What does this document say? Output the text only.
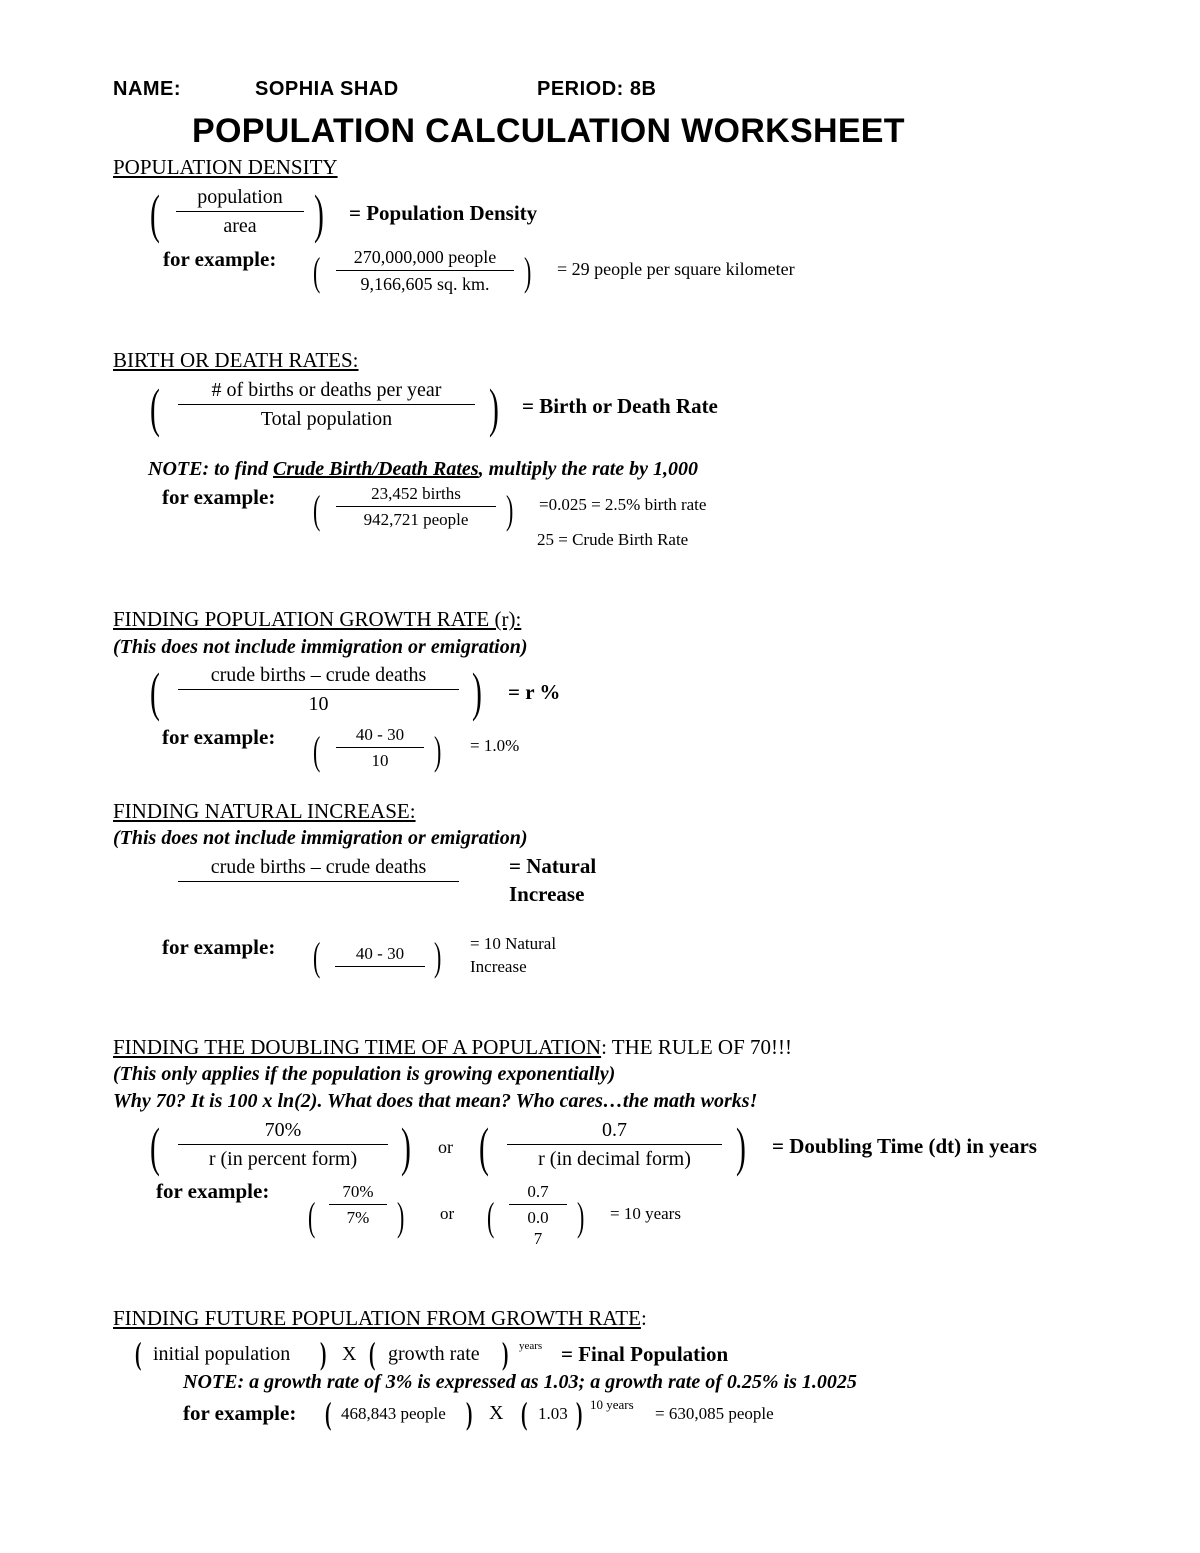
NAME:	SOPHIA SHAD	PERIOD: 8B
POPULATION CALCULATION WORKSHEET
POPULATION DENSITY
(	population
area	) = Population Density
for example: (	270,000,000 people
9,166,605 sq. km. ) = 29 people per square kilometer
BIRTH OR DEATH RATES:
(	# of births or deaths per year
Total population	) = Birth or Death Rate
NOTE: to find Crude Birth/Death Rates, multiply the rate by 1,000
for example: (	23,452 births
942,721 people ) =0.025 = 2.5% birth rate
25 = Crude Birth Rate
FINDING POPULATION GROWTH RATE (r):
(This does not include immigration or emigration)
(	crude births – crude deaths
10	) = r %
for example: ( $\frac{40 - 30}{10}$ ) = 1.0%
FINDING NATURAL INCREASE:
(This does not include immigration or emigration)
crude births – crude deaths	= Natural Increase
for example: (	40 - 30 ) = 10 Natural Increase
FINDING THE DOUBLING TIME OF A POPULATION: THE RULE OF 70!!!
(This only applies if the population is growing exponentially)
Why 70? It is 100 x ln(2). What does that mean? Who cares…the math works!
(	70%
r (in percent form) ) or (	0.7
r (in decimal form) ) = Doubling Time (dt) in years
for example:
( $\frac{70\%}{7\%}$ ) or (
0.7
0.0
7 ) = 10 years
FINDING FUTURE POPULATION FROM GROWTH RATE:
( initial population ) X ( growth rate ) years = Final Population
NOTE: a growth rate of 3% is expressed as 1.03; a growth rate of 0.25% is 1.0025
for example: ( 468,843 people ) X ( 1.03 ) 10 years = 630,085 people
